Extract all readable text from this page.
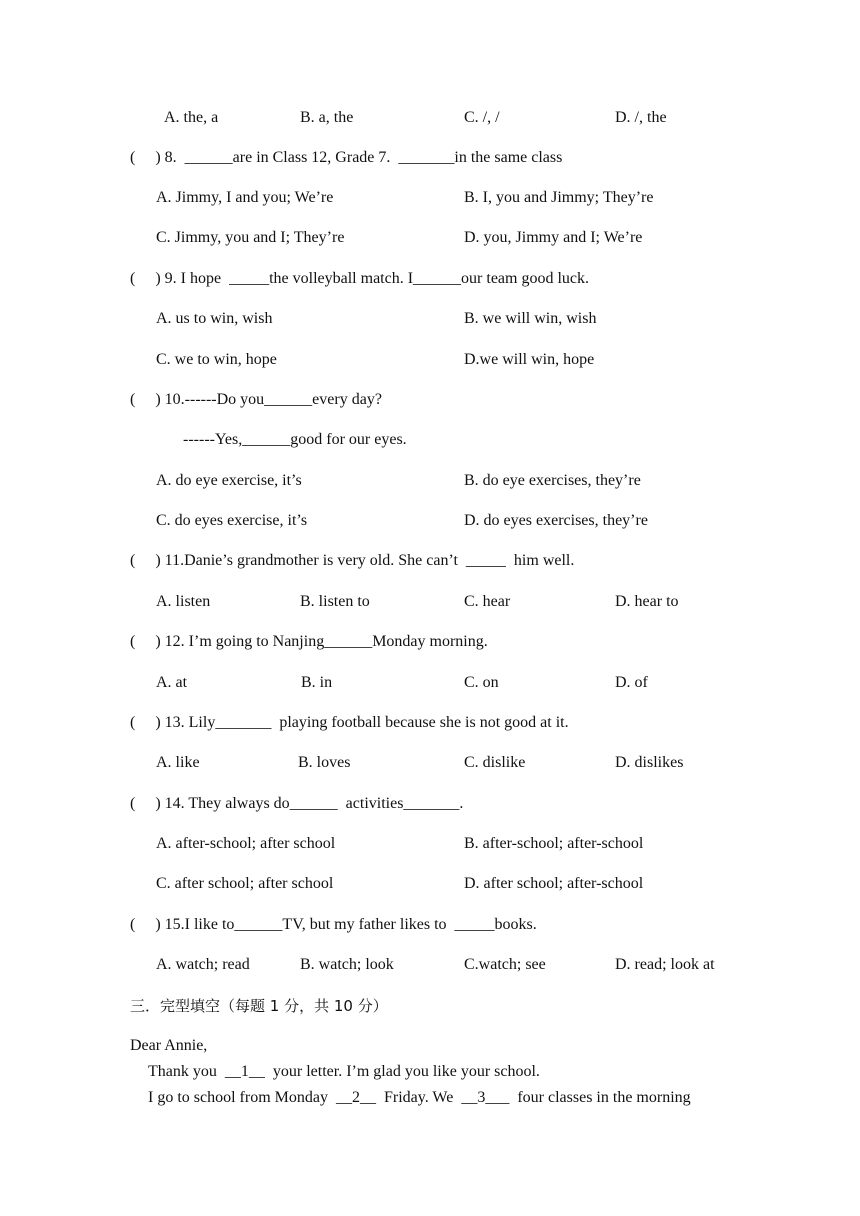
A. the, a	B. a, the	C. /, /	D. /, the
(     ) 8.  ______are in Class 12, Grade 7.  _______in the same class
A. Jimmy, I and you; We’re	B. I, you and Jimmy; They’re
C. Jimmy, you and I; They’re	D. you, Jimmy and I; We’re
(     ) 9. I hope  _____the volleyball match. I______our team good luck.
A. us to win, wish	B. we will win, wish
C. we to win, hope	D.we will win, hope
(     ) 10.------Do you______every day?
------Yes,______good for our eyes.
A. do eye exercise, it’s	B. do eye exercises, they’re
C. do eyes exercise, it’s	D. do eyes exercises, they’re
(     ) 11.Danie’s grandmother is very old. She can’t  _____  him well.
A. listen	B. listen to	C. hear	D. hear to
(     ) 12. I’m going to Nanjing______Monday morning.
A. at	B. in	C. on	D. of
(     ) 13. Lily_______  playing football because she is not good at it.
A. like	B. loves	C. dislike	D. dislikes
(     ) 14. They always do______  activities_______.
A. after-school; after school	B. after-school; after-school
C. after school; after school	D. after school; after-school
(     ) 15.I like to______TV, but my father likes to  _____books.
A. watch; read	B. watch; look	C.watch; see	D. read; look at
三．完型填空（每题 1 分，共 10 分）
Dear Annie,
Thank you  __1__  your letter. I’m glad you like your school.
I go to school from Monday  __2__  Friday. We  __3___  four classes in the morning
